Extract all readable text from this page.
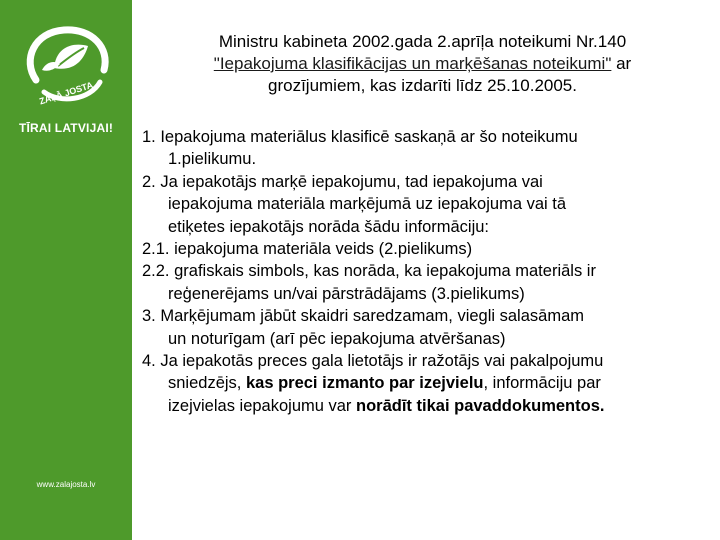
ZAĻĀ JOSTA
TĪRAI LATVIJAI!
www.zalajosta.lv
Ministru kabineta 2002.gada 2.aprīļa noteikumi Nr.140
"Iepakojuma klasifikācijas un marķēšanas noteikumi" ar
grozījumiem, kas izdarīti līdz 25.10.2005.
1. Iepakojuma materiālus klasificē saskaņā ar šo noteikumu
1.pielikumu.
2. Ja iepakotājs marķē iepakojumu, tad iepakojuma vai
iepakojuma materiāla marķējumā uz iepakojuma vai tā
etiķetes iepakotājs norāda šādu informāciju:
2.1. iepakojuma materiāla veids (2.pielikums)
2.2. grafiskais simbols, kas norāda, ka iepakojuma materiāls ir
reģenerējams un/vai pārstrādājams (3.pielikums)
3. Marķējumam jābūt skaidri saredzamam, viegli salasāmam
un noturīgam (arī pēc iepakojuma atvēršanas)
4. Ja iepakotās preces gala lietotājs ir ražotājs vai pakalpojumu
sniedzējs, kas preci izmanto par izejvielu, informāciju par
izejvielas iepakojumu var norādīt tikai pavaddokumentos.
